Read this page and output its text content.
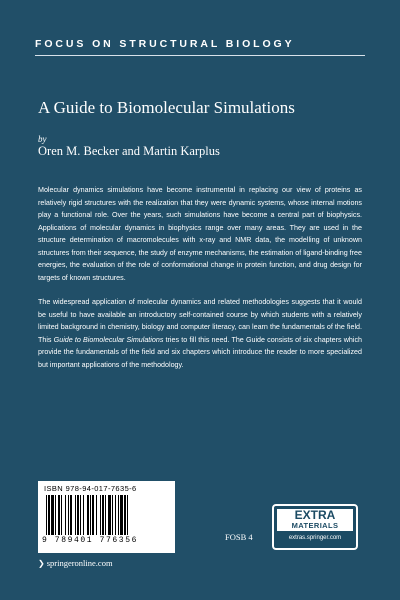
FOCUS ON STRUCTURAL BIOLOGY
A Guide to Biomolecular Simulations
by
Oren M. Becker and Martin Karplus
Molecular dynamics simulations have become instrumental in replacing our view of proteins as relatively rigid structures with the realization that they were dynamic systems, whose internal motions play a functional role. Over the years, such simulations have become a central part of biophysics. Applications of molecular dynamics in biophysics range over many areas. They are used in the structure determination of macromolecules with x-ray and NMR data, the modelling of unknown structures from their sequence, the study of enzyme mechanisms, the estimation of ligand-binding free energies, the evaluation of the role of conformational change in protein function, and drug design for targets of known structures.
The widespread application of molecular dynamics and related methodologies suggests that it would be useful to have available an introductory self-contained course by which students with a relatively limited background in chemistry, biology and computer literacy, can learn the fundamentals of the field. This Guide to Biomolecular Simulations tries to fill this need. The Guide consists of six chapters which provide the fundamentals of the field and six chapters which introduce the reader to more specialized but important applications of the methodology.
ISBN 978-94-017-7635-6
9 789401 776356	FOSB 4
EXTRA
MATERIALS
extras.springer.com
❯ springeronline.com
